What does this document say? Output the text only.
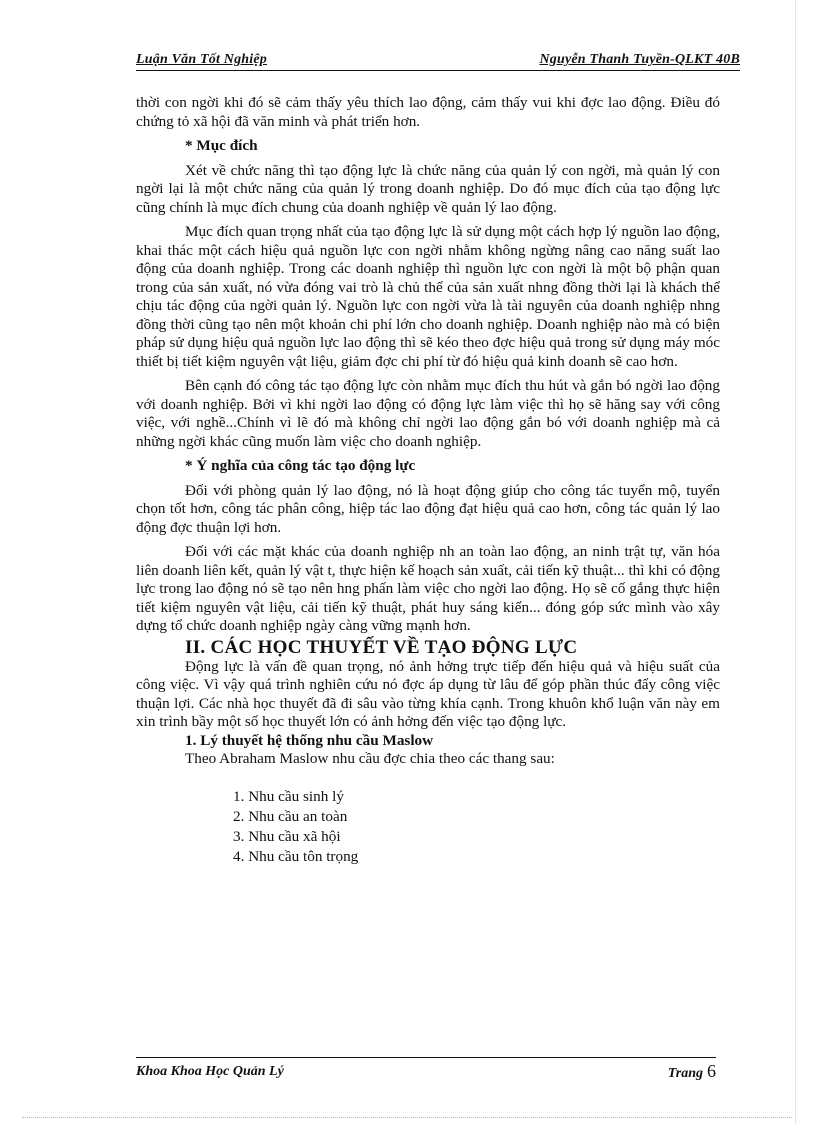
Luận Văn Tốt Nghiệp	Nguyễn Thanh Tuyền-QLKT 40B

thời con ngời khi đó sẽ cảm thấy yêu thích lao động, cảm thấy vui khi đợc lao động. Điều đó chứng tỏ xã hội đã văn minh và phát triển hơn.

* Mục đích

Xét về chức năng thì tạo động lực là chức năng của quản lý con ngời, mà quản lý con ngời lại là một chức năng của quản lý trong doanh nghiệp. Do đó mục đích của tạo động lực cũng chính là mục đích chung của doanh nghiệp về quản lý lao động.

Mục đích quan trọng nhất của tạo động lực là sử dụng một cách hợp lý nguồn lao động, khai thác một cách hiệu quả nguồn lực con ngời nhằm không ngừng nâng cao năng suất lao động của doanh nghiệp. Trong các doanh nghiệp thì nguồn lực con ngời là một bộ phận quan trong của sản xuất, nó vừa đóng vai trò là chủ thể của sản xuất nhng đồng thời lại là khách thể chịu tác động của ngời quản lý. Nguồn lực con ngời vừa là tài nguyên của doanh nghiệp nhng đồng thời cũng tạo nên một khoản chi phí lớn cho doanh nghiệp. Doanh nghiệp nào mà có biện pháp sử dụng hiệu quả nguồn lực lao động thì sẽ kéo theo đợc hiệu quả trong sử dụng máy móc thiết bị tiết kiệm nguyên vật liệu, giảm đợc chi phí từ đó hiệu quả kinh doanh sẽ cao hơn.

Bên cạnh đó công tác tạo động lực còn nhằm mục đích thu hút và gắn bó ngời lao động với doanh nghiệp. Bởi vì khi ngời lao động có động lực làm việc thì họ sẽ hăng say với công việc, với nghề...Chính vì lẽ đó mà không chỉ ngời lao động gắn bó với doanh nghiệp mà cả những ngời khác cũng muốn làm việc cho doanh nghiệp.

* Ý nghĩa của công tác tạo động lực

Đối với phòng quản lý lao động, nó là hoạt động giúp cho công tác tuyển mộ, tuyển chọn tốt hơn, công tác phân công, hiệp tác lao động đạt hiệu quả cao hơn, công tác quản lý lao động đợc thuận lợi hơn.

Đối với các mặt khác của doanh nghiệp nh an toàn lao động, an ninh trật tự, văn hóa liên doanh liên kết, quản lý vật t, thực hiện kế hoạch sản xuất, cải tiến kỹ thuật... thì khi có động lực trong lao động nó sẽ tạo nên hng phấn làm việc cho ngời lao động. Họ sẽ cố gắng thực hiện tiết kiệm nguyên vật liệu, cải tiến kỹ thuật, phát huy sáng kiến... đóng góp sức mình vào xây dựng tổ chức doanh nghiệp ngày càng vững mạnh hơn.

II. CÁC HỌC THUYẾT VỀ TẠO ĐỘNG LỰC

Động lực là vấn đề quan trọng, nó ảnh hởng trực tiếp đến hiệu quả và hiệu suất của công việc. Vì vậy quá trình nghiên cứu nó đợc áp dụng từ lâu để góp phần thúc đẩy công việc thuận lợi. Các nhà học thuyết đã đi sâu vào từng khía cạnh. Trong khuôn khổ luận văn này em xin trình bầy một số học thuyết lớn có ảnh hởng đến việc tạo động lực.

1. Lý thuyết hệ thống nhu cầu Maslow

Theo Abraham Maslow nhu cầu đợc chia theo các thang sau:

1. Nhu cầu sinh lý
2. Nhu cầu an toàn
3. Nhu cầu xã hội
4. Nhu cầu tôn trọng
Khoa Khoa Học Quản Lý	Trang 6
